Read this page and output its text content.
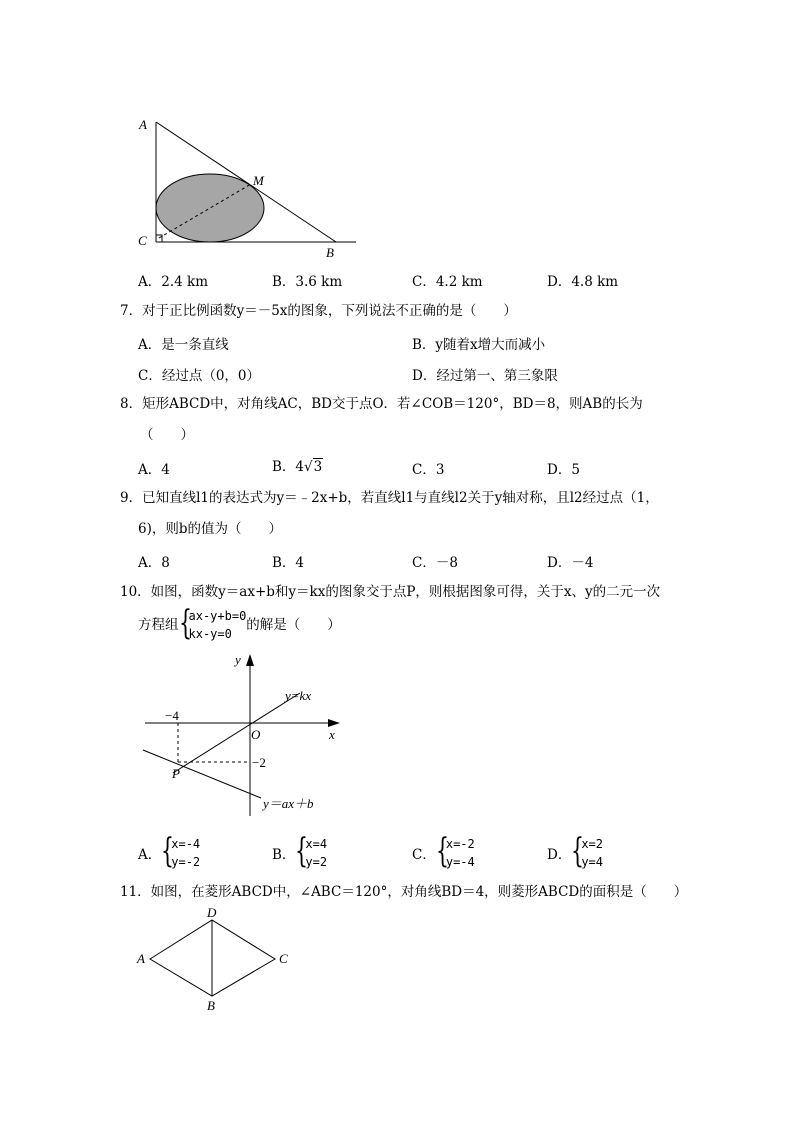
A
M
C
B
A．2.4 km	B．3.6 km	C．4.2 km	D．4.8 km
7．对于正比例函数y＝－5x的图象，下列说法不正确的是（　　）
A．是一条直线	B．y随着x增大而减小
C．经过点（0，0）	D．经过第一、第三象限
8．矩形ABCD中，对角线AC，BD交于点O．若∠COB＝120°，BD＝8，则AB的长为
（　　）
A．4	B．4√3	C．3	D．5
9．已知直线l1的表达式为y＝﹣2x+b，若直线l1与直线l2关于y轴对称，且l2经过点（1，
6)，则b的值为（　　）
A．8	B．4	C．－8	D．－4
10．如图，函数y＝ax+b和y＝kx的图象交于点P，则根据图象可得，关于x、y的二元一次
方程组 {
ax-y+b=0
kx-y=0
的解是（　　）
y
x
O
−4
−2
P
y=kx
y＝ax＋b
A． {
x=-4
y=-2	B． {
x=4
y=2	C． {
x=-2
y=-4	D． {
x=2
y=4
11．如图，在菱形ABCD中，∠ABC＝120°，对角线BD＝4，则菱形ABCD的面积是（　　）
D
A	C
B
